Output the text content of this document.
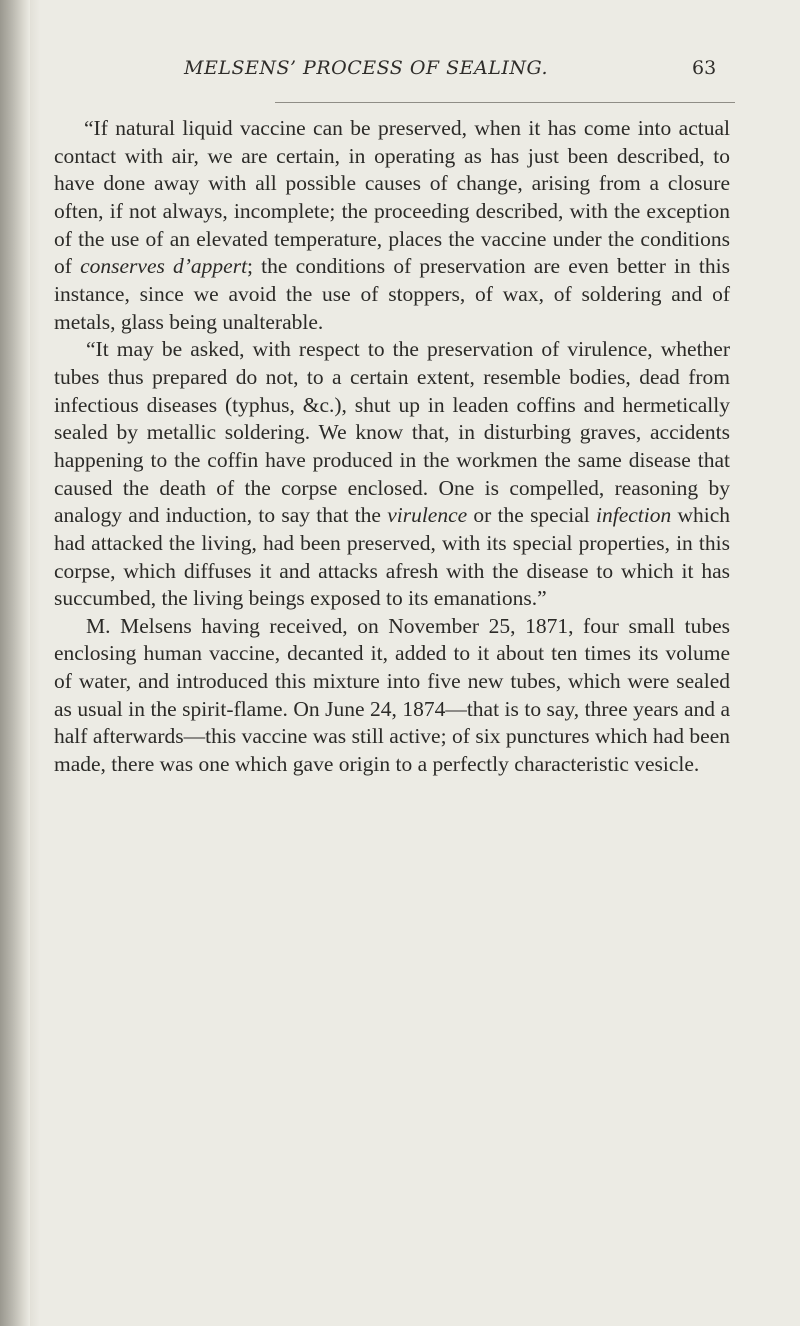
MELSENS’ PROCESS OF SEALING.	63

“If natural liquid vaccine can be preserved, when it has come into actual contact with air, we are certain, in operating as has just been described, to have done away with all possible causes of change, arising from a closure often, if not always, incomplete; the proceeding described, with the exception of the use of an elevated temperature, places the vaccine under the conditions of conserves d’appert; the conditions of preservation are even better in this instance, since we avoid the use of stoppers, of wax, of soldering and of metals, glass being unalterable.

“It may be asked, with respect to the preservation of virulence, whether tubes thus prepared do not, to a certain extent, resemble bodies, dead from infectious diseases (typhus, &c.), shut up in leaden coffins and hermetically sealed by metallic soldering. We know that, in disturbing graves, accidents happening to the coffin have produced in the workmen the same disease that caused the death of the corpse enclosed. One is compelled, reasoning by analogy and induction, to say that the virulence or the special infection which had attacked the living, had been preserved, with its special properties, in this corpse, which diffuses it and attacks afresh with the disease to which it has succumbed, the living beings exposed to its emanations.”

M. Melsens having received, on November 25, 1871, four small tubes enclosing human vaccine, decanted it, added to it about ten times its volume of water, and introduced this mixture into five new tubes, which were sealed as usual in the spirit-flame. On June 24, 1874—that is to say, three years and a half afterwards—this vaccine was still active; of six punctures which had been made, there was one which gave origin to a perfectly characteristic vesicle.
